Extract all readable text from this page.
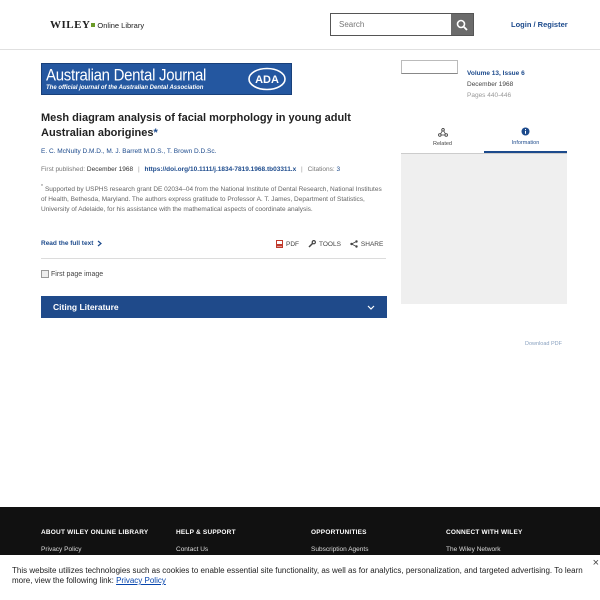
WILEY Online Library
Search	Login / Register
Australian Dental Journal
The official journal of the Australian Dental Association
ADA
Mesh diagram analysis of facial morphology in young adult Australian aborigines*
E. C. McNulty D.M.D., M. J. Barrett M.D.S., T. Brown D.D.Sc.
First published: December 1968 | https://doi.org/10.1111/j.1834-7819.1968.tb03311.x | Citations: 3
* Supported by USPHS research grant DE 02034–04 from the National Institute of Dental Research, National Institutes of Health, Bethesda, Maryland. The authors express gratitude to Professor A. T. James, Department of Statistics, University of Adelaide, for his assistance with the mathematical aspects of coordinate analysis.
Read the full text	PDF	TOOLS	SHARE
First page image
Citing Literature
Volume 13, Issue 6
December 1968
Pages 440-446
Related	Information
Download PDF
ABOUT WILEY ONLINE LIBRARY
Privacy Policy
HELP & SUPPORT
Contact Us
OPPORTUNITIES
Subscription Agents
CONNECT WITH WILEY
The Wiley Network
This website utilizes technologies such as cookies to enable essential site functionality, as well as for analytics, personalization, and targeted advertising. To learn more, view the following link: Privacy Policy
×
